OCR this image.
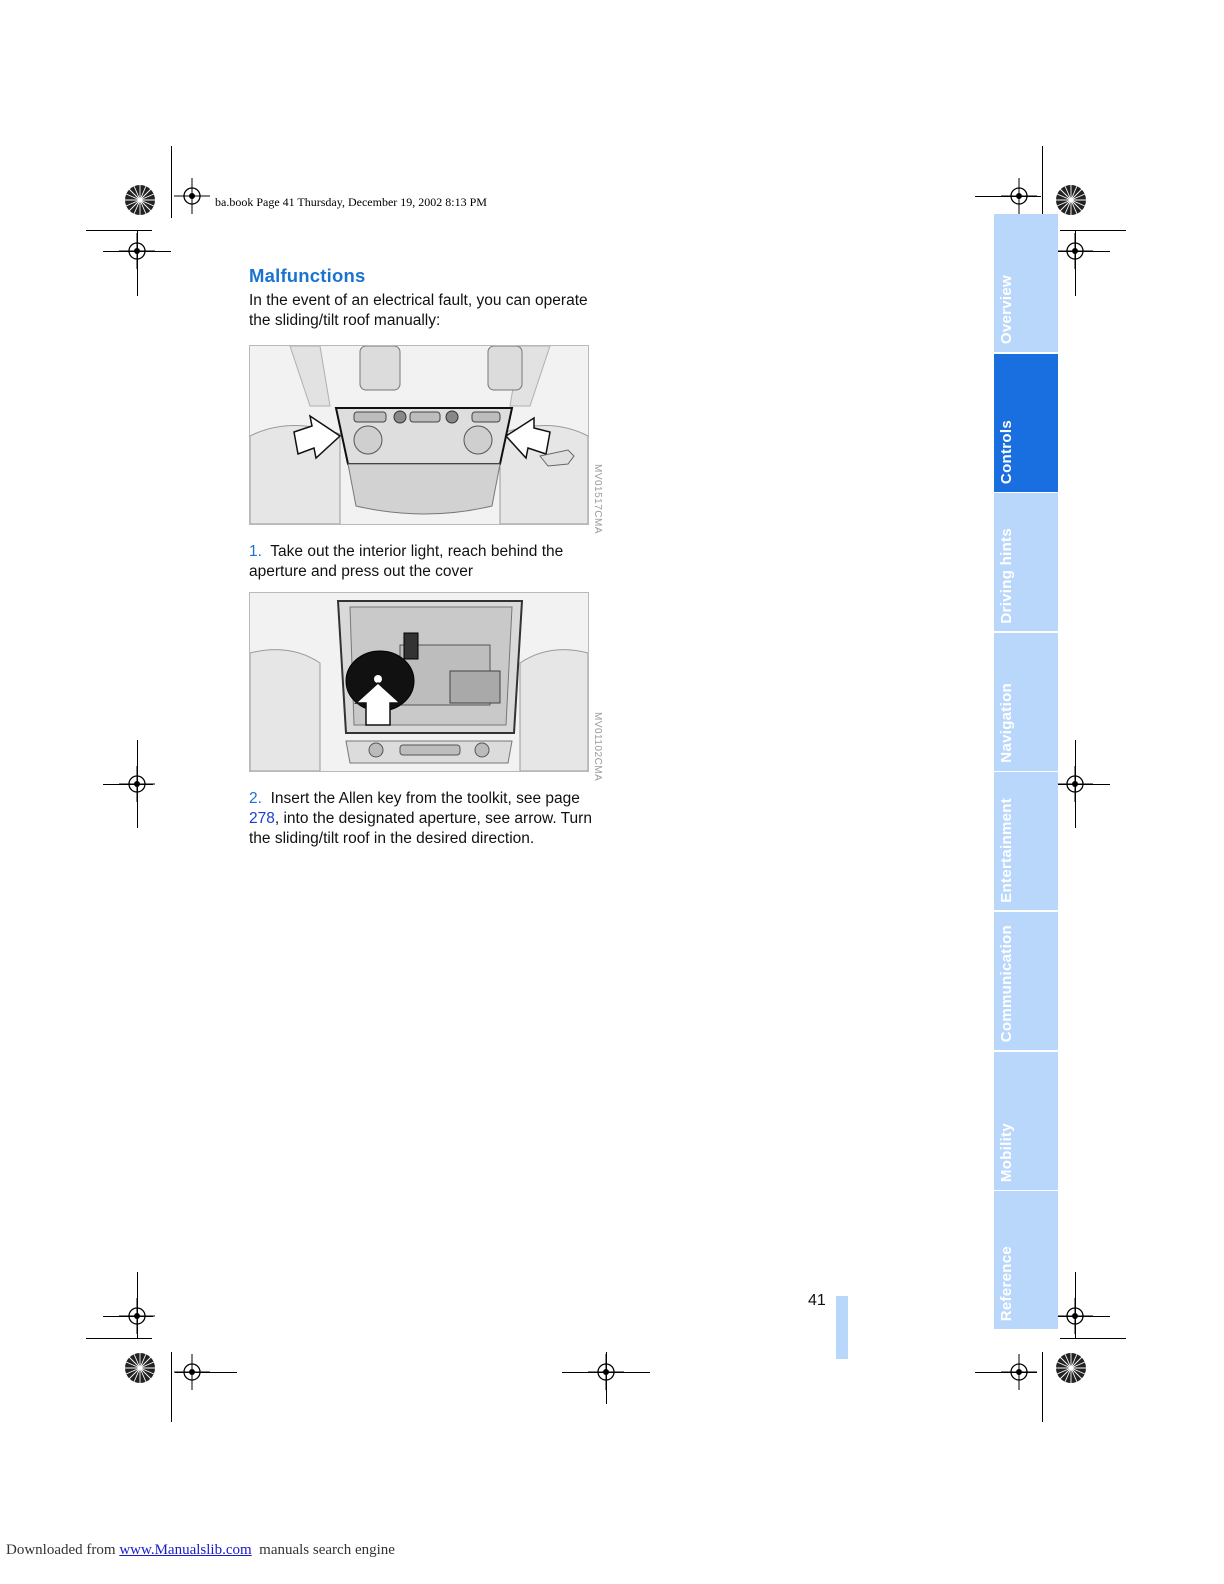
ba.book Page 41 Thursday, December 19, 2002 8:13 PM
Malfunctions

In the event of an electrical fault, you can operate the sliding/tilt roof manually:

MV01517CMA

1. Take out the interior light, reach behind the aperture and press out the cover

MV01102CMA

2. Insert the Allen key from the toolkit, see page 278, into the designated aperture, see arrow. Turn the sliding/tilt roof in the desired direction.

41
Overview
Controls
Driving hints
Navigation
Entertainment
Communication
Mobility
Reference
Downloaded from www.Manualslib.com  manuals search engine
